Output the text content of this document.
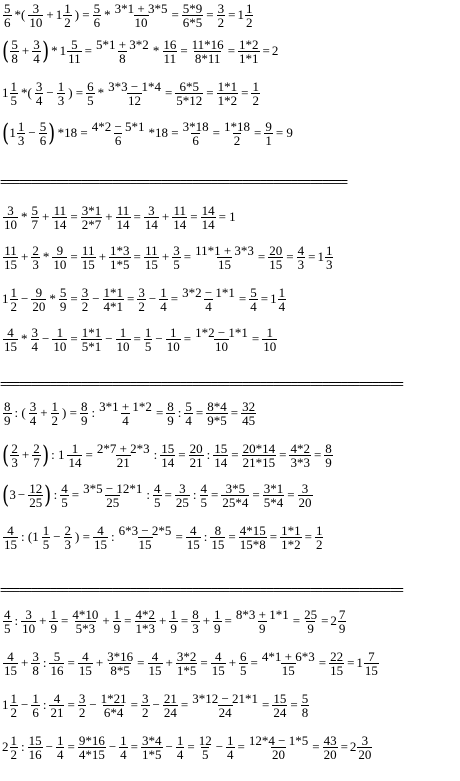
$\frac{5}{6}$ *( $\frac{3}{10} + 1 \frac{1}{2}$ ) = $\frac{5}{6} * \frac{3*1 + 3*5}{10} = \frac{5*9}{6*5} = \frac{3}{2} = 1 \frac{1}{2}$
( $\frac{5}{8} + \frac{3}{4}$ ) * $1 \frac{5}{11} = \frac{5*1 + 3*2}{8} * \frac{16}{11} = \frac{11*16}{8*11} = \frac{1*2}{1*1} = 2$
$1 \frac{1}{5}$ *( $\frac{3}{4} - \frac{1}{3}$ ) = $\frac{6}{5} * \frac{3*3 - 1*4}{12} = \frac{6*5}{5*12} = \frac{1*1}{1*2} = \frac{1}{2}$
( $1 \frac{1}{3} - \frac{5}{6}$ ) $*18 = \frac{4*2 - 5*1}{6} *18 = \frac{3*18}{6} = \frac{1*18}{2} = \frac{9}{1} = 9$
========================================================
$\frac{3}{10} * \frac{5}{7} + \frac{11}{14} = \frac{3*1}{2*7} + \frac{11}{14} = \frac{3}{14} + \frac{11}{14} = \frac{14}{14} = 1$
$\frac{11}{15} + \frac{2}{3} * \frac{9}{10} = \frac{11}{15} + \frac{1*3}{1*5} = \frac{11}{15} + \frac{3}{5} = \frac{11*1 + 3*3}{15} = \frac{20}{15} = \frac{4}{3} = 1 \frac{1}{3}$
$1 \frac{1}{2} - \frac{9}{20} * \frac{5}{9} = \frac{3}{2} - \frac{1*1}{4*1} = \frac{3}{2} - \frac{1}{4} = \frac{3*2 - 1*1}{4} = \frac{5}{4} = 1 \frac{1}{4}$
$\frac{4}{15} * \frac{3}{4} - \frac{1}{10} = \frac{1*1}{5*1} - \frac{1}{10} = \frac{1}{5} - \frac{1}{10} = \frac{1*2 - 1*1}{10} = \frac{1}{10}$
=================================================================
$\frac{8}{9}$ : ( $\frac{3}{4} + \frac{1}{2}$ ) = $\frac{8}{9}$ : $\frac{3*1 + 1*2}{4} = \frac{8}{9}$ : $\frac{5}{4} = \frac{8*4}{9*5} = \frac{32}{45}$
( $\frac{2}{3} + \frac{2}{7}$ ) : $1 \frac{1}{14} = \frac{2*7 + 2*3}{21}$ : $\frac{15}{14} = \frac{20}{21}$ : $\frac{15}{14} = \frac{20*14}{21*15} = \frac{4*2}{3*3} = \frac{8}{9}$
( $3 - \frac{12}{25}$ ) : $\frac{4}{5} = \frac{3*5 - 12*1}{25}$ : $\frac{4}{5} = \frac{3}{25}$ : $\frac{4}{5} = \frac{3*5}{25*4} = \frac{3*1}{5*4} = \frac{3}{20}$
$\frac{4}{15}$ : ($1 \frac{1}{5} - \frac{2}{3}$ ) = $\frac{4}{15}$ : $\frac{6*3 - 2*5}{15} = \frac{4}{15}$ : $\frac{8}{15} = \frac{4*15}{15*8} = \frac{1*1}{1*2} = \frac{1}{2}$
=================================================================
$\frac{4}{5}$ : $\frac{3}{10} + \frac{1}{9} = \frac{4*10}{5*3} + \frac{1}{9} = \frac{4*2}{1*3} + \frac{1}{9} = \frac{8}{3} + \frac{1}{9} = \frac{8*3 + 1*1}{9} = \frac{25}{9} = 2 \frac{7}{9}$
$\frac{4}{15} + \frac{3}{8}$ : $\frac{5}{16} = \frac{4}{15} + \frac{3*16}{8*5} = \frac{4}{15} + \frac{3*2}{1*5} = \frac{4}{15} + \frac{6}{5} = \frac{4*1 + 6*3}{15} = \frac{22}{15} = 1 \frac{7}{15}$
$1 \frac{1}{2} - \frac{1}{6}$ : $\frac{4}{21} = \frac{3}{2} - \frac{1*21}{6*4} = \frac{3}{2} - \frac{21}{24} = \frac{3*12 - 21*1}{24} = \frac{15}{24} = \frac{5}{8}$
$2 \frac{1}{2}$ : $\frac{15}{16} - \frac{1}{4} = \frac{9*16}{4*15} - \frac{1}{4} = \frac{3*4}{1*5} - \frac{1}{4} = \frac{12}{5} - \frac{1}{4} = \frac{12*4 - 1*5}{20} = \frac{43}{20} = 2 \frac{3}{20}$
